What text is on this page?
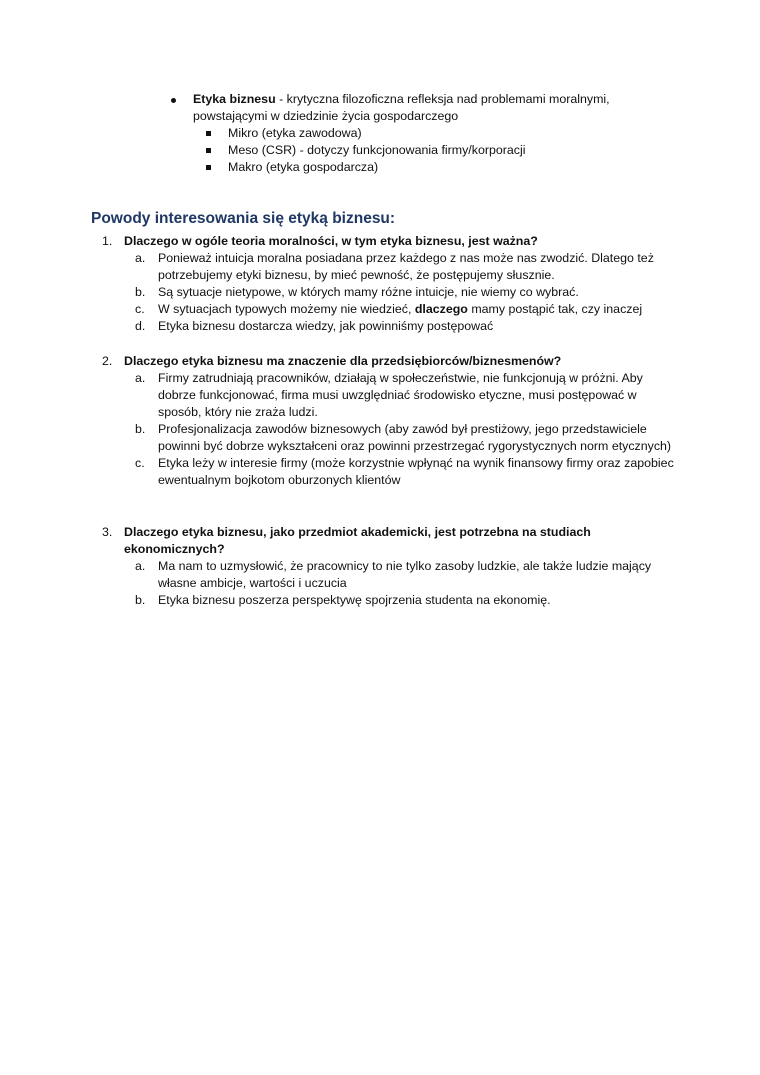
Etyka biznesu - krytyczna filozoficzna refleksja nad problemami moralnymi, powstającymi w dziedzinie życia gospodarczego
Mikro (etyka zawodowa)
Meso (CSR) - dotyczy funkcjonowania firmy/korporacji
Makro (etyka gospodarcza)
Powody interesowania się etyką biznesu:
1. Dlaczego w ogóle teoria moralności, w tym etyka biznesu, jest ważna?
a. Ponieważ intuicja moralna posiadana przez każdego z nas może nas zwodzić. Dlatego też potrzebujemy etyki biznesu, by mieć pewność, że postępujemy słusznie.
b. Są sytuacje nietypowe, w których mamy różne intuicje, nie wiemy co wybrać.
c. W sytuacjach typowych możemy nie wiedzieć, dlaczego mamy postąpić tak, czy inaczej
d. Etyka biznesu dostarcza wiedzy, jak powinniśmy postępować
2. Dlaczego etyka biznesu ma znaczenie dla przedsiębiorców/biznesmenów?
a. Firmy zatrudniają pracowników, działają w społeczeństwie, nie funkcjonują w próżni. Aby dobrze funkcjonować, firma musi uwzględniać środowisko etyczne, musi postępować w sposób, który nie zraża ludzi.
b. Profesjonalizacja zawodów biznesowych (aby zawód był prestiżowy, jego przedstawiciele powinni być dobrze wykształceni oraz powinni przestrzegać rygorystycznych norm etycznych)
c. Etyka leży w interesie firmy (może korzystnie wpłynąć na wynik finansowy firmy oraz zapobiec ewentualnym bojkotom oburzonych klientów
3. Dlaczego etyka biznesu, jako przedmiot akademicki, jest potrzebna na studiach ekonomicznych?
a. Ma nam to uzmysłowić, że pracownicy to nie tylko zasoby ludzkie, ale także ludzie mający własne ambicje, wartości i uczucia
b. Etyka biznesu poszerza perspektywę spojrzenia studenta na ekonomię.
